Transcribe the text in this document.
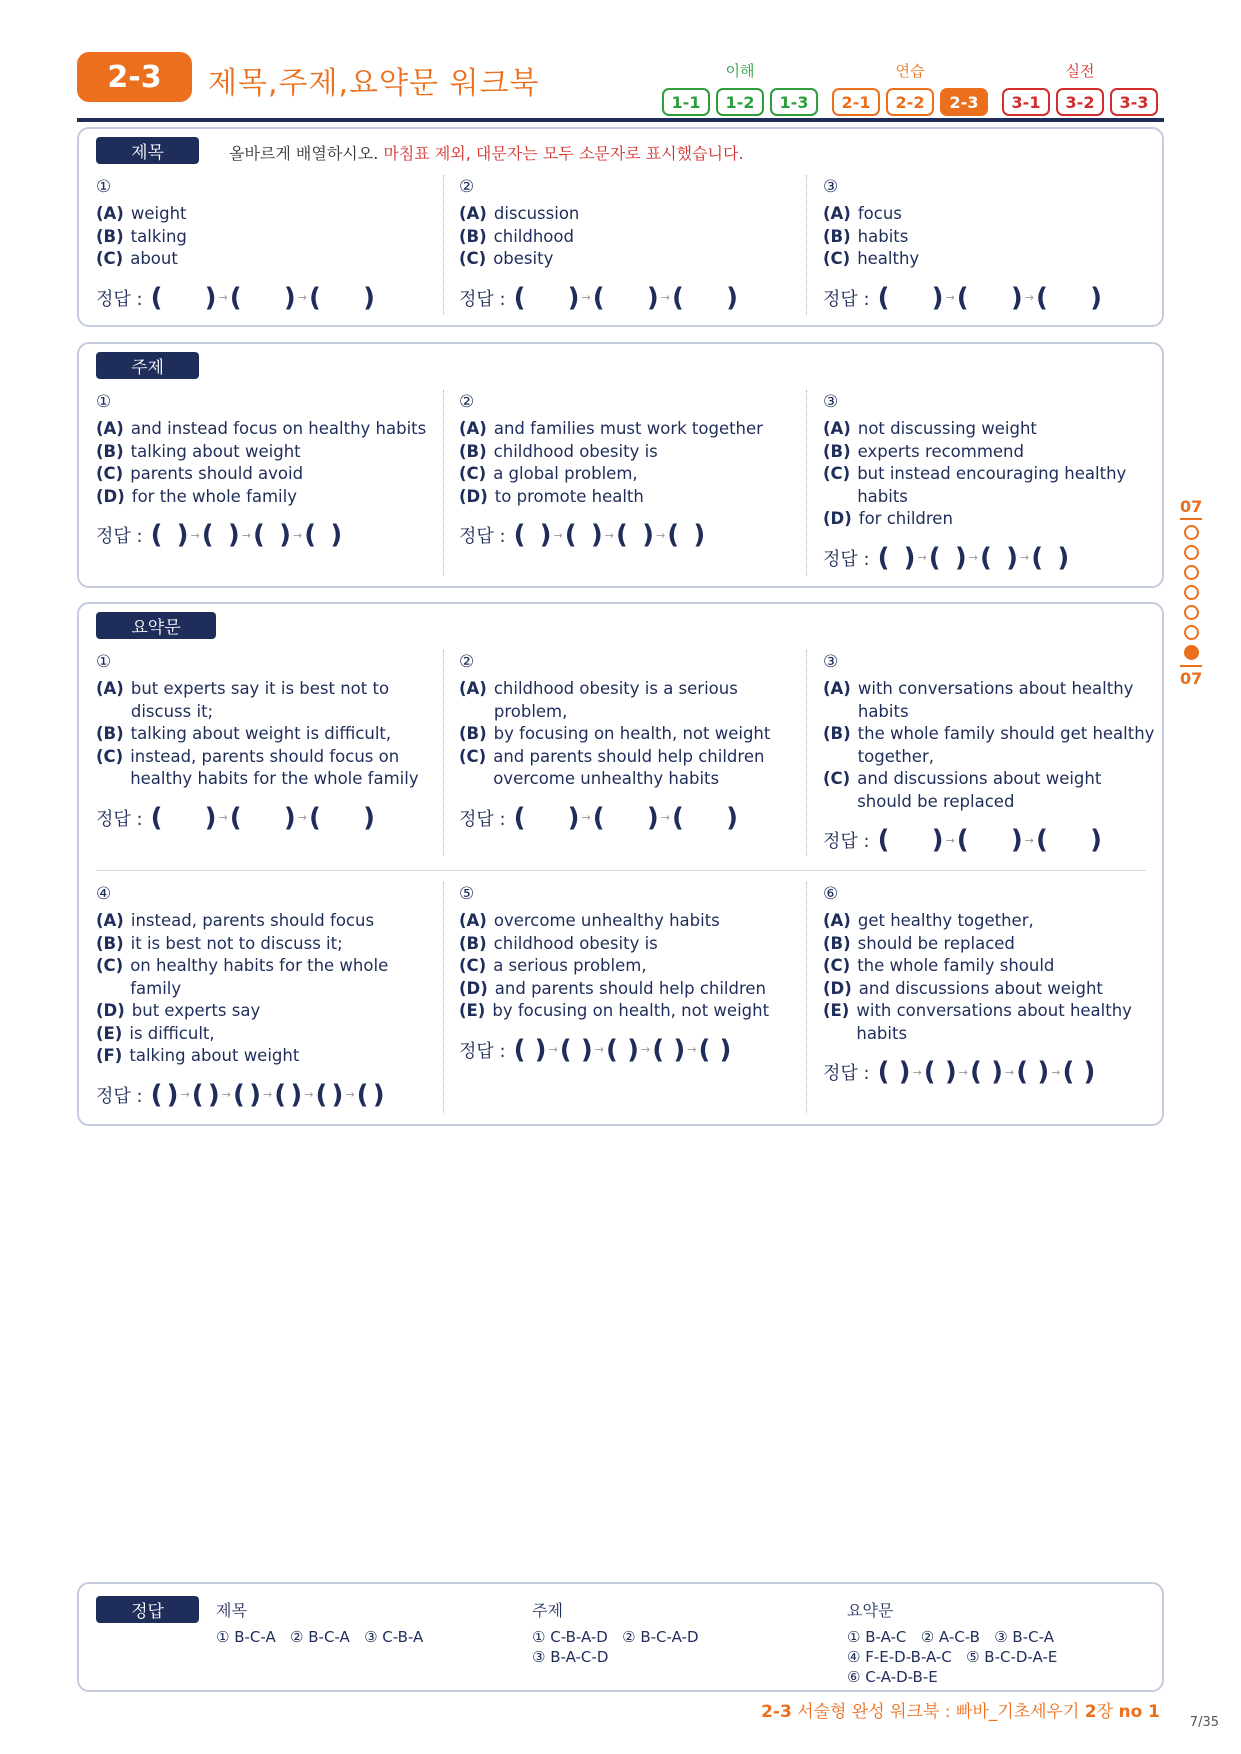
2-3	제목,주제,요약문 워크북	이해
1-1	1-2	1-3
연습
2-1	2-2	2-3
실전
3-1	3-2	3-3
제목	올바르게 배열하시오. 마침표 제외, 대문자는 모두 소문자로 표시했습니다.
①
(A) weight
(B) talking
(C) about
정답 : ( ) → ( ) → ( )
②
(A) discussion
(B) childhood
(C) obesity
정답 : ( ) → ( ) → ( )
③
(A) focus
(B) habits
(C) healthy
정답 : ( ) → ( ) → ( )
주제
①
(A) and instead focus on healthy habits
(B) talking about weight
(C) parents should avoid
(D) for the whole family
정답 : ( ) → ( ) → ( ) → ( )
②
(A) and families must work together
(B) childhood obesity is
(C) a global problem,
(D) to promote health
정답 : ( ) → ( ) → ( ) → ( )
③
(A) not discussing weight
(B) experts recommend
(C) but instead encouraging healthy habits
(D) for children
정답 : ( ) → ( ) → ( ) → ( )
요약문
①
(A) but experts say it is best not to discuss it;
(B) talking about weight is difficult,
(C) instead, parents should focus on healthy habits for the whole family
정답 : ( ) → ( ) → ( )
②
(A) childhood obesity is a serious problem,
(B) by focusing on health, not weight
(C) and parents should help children overcome unhealthy habits
정답 : ( ) → ( ) → ( )
③
(A) with conversations about healthy habits
(B) the whole family should get healthy together,
(C) and discussions about weight should be replaced
정답 : ( ) → ( ) → ( )
④
(A) instead, parents should focus
(B) it is best not to discuss it;
(C) on healthy habits for the whole family
(D) but experts say
(E) is difficult,
(F) talking about weight
정답 : ( ) → ( ) → ( ) → ( ) → ( ) → ( )
⑤
(A) overcome unhealthy habits
(B) childhood obesity is
(C) a serious problem,
(D) and parents should help children
(E) by focusing on health, not weight
정답 : ( ) → ( ) → ( ) → ( ) → ( )
⑥
(A) get healthy together,
(B) should be replaced
(C) the whole family should
(D) and discussions about weight
(E) with conversations about healthy habits
정답 : ( ) → ( ) → ( ) → ( ) → ( )
07
07
정답	제목
① B-C-A   ② B-C-A   ③ C-B-A
주제
① C-B-A-D   ② B-C-A-D
③ B-A-C-D
요약문
① B-A-C   ② A-C-B   ③ B-C-A
④ F-E-D-B-A-C   ⑤ B-C-D-A-E
⑥ C-A-D-B-E
2-3 서술형 완성 워크북 : 빠바_기초세우기 2장 no 1
7/35
